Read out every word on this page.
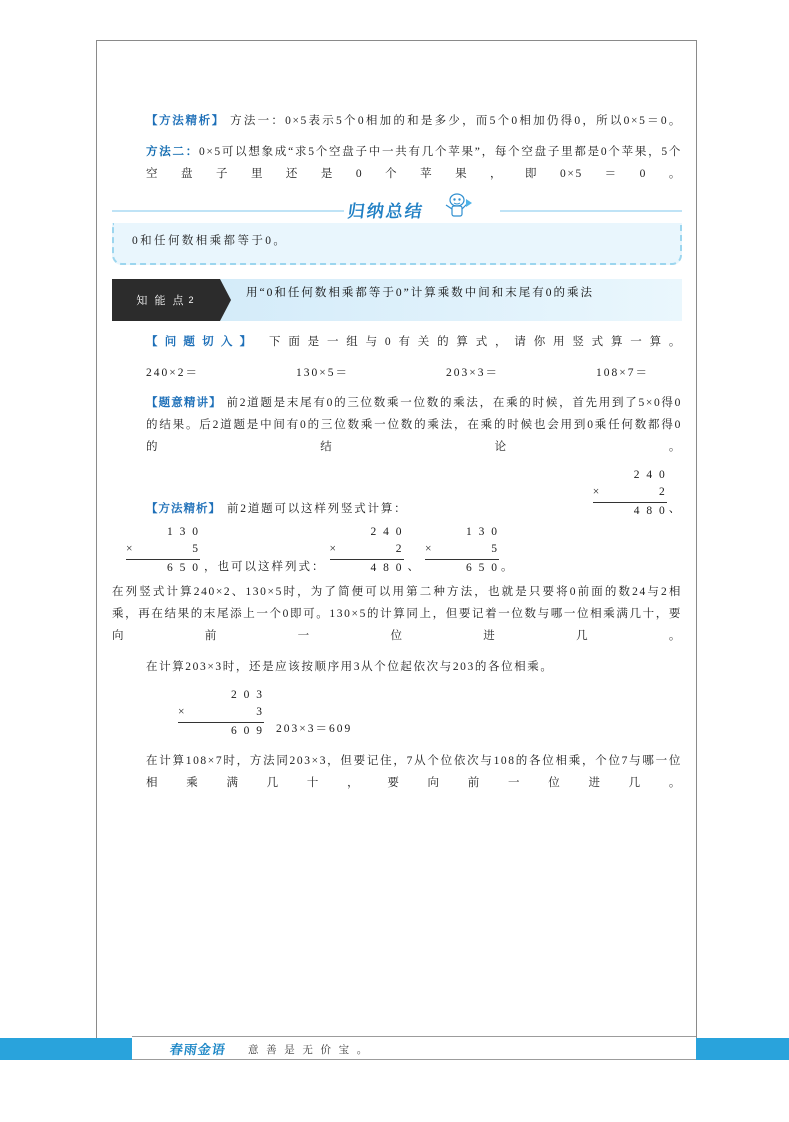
【方法精析】 方法一：0×5表示5个0相加的和是多少，而5个0相加仍得0，所以0×5＝0。

方法二：0×5可以想象成“求5个空盘子中一共有几个苹果”，每个空盘子里都是0个苹果，5个空盘子里还是0个苹果，即0×5＝0。

归纳总结
0和任何数相乘都等于0。
知 能 点 2
用“0和任何数相乘都等于0”计算乘数中间和末尾有0的乘法

【问题切入】 下面是一组与0有关的算式，请你用竖式算一算。

240×2＝	130×5＝	203×3＝	108×7＝

【题意精讲】 前2道题是末尾有0的三位数乘一位数的乘法，在乘的时候，首先用到了5×0得0的结果。后2道题是中间有0的三位数乘一位数的乘法，在乘的时候也会用到0乘任何数都得0的结论。

【方法精析】 前2道题可以这样列竖式计算：
2 4 0

×	2
4 8 0 、
1 3 0

×	5
6 5 0 ，也可以这样列式：
2 4 0

×	2
4 8 0 、
1 3 0

×	5
6 5 0 。

在列竖式计算240×2、130×5时，为了简便可以用第二种方法，也就是只要将0前面的数24与2相乘，再在结果的末尾添上一个0即可。130×5的计算同上，但要记着一位数与哪一位相乘满几十，要向前一位进几。

在计算203×3时，还是应该按顺序用3从个位起依次与203的各位相乘。

2 0 3

×	3
6 0 9 203×3＝609

在计算108×7时，方法同203×3，但要记住，7从个位依次与108的各位相乘，个位7与哪一位相乘满几十，要向前一位进几。

春雨金语 意 善 是 无 价 宝 。
